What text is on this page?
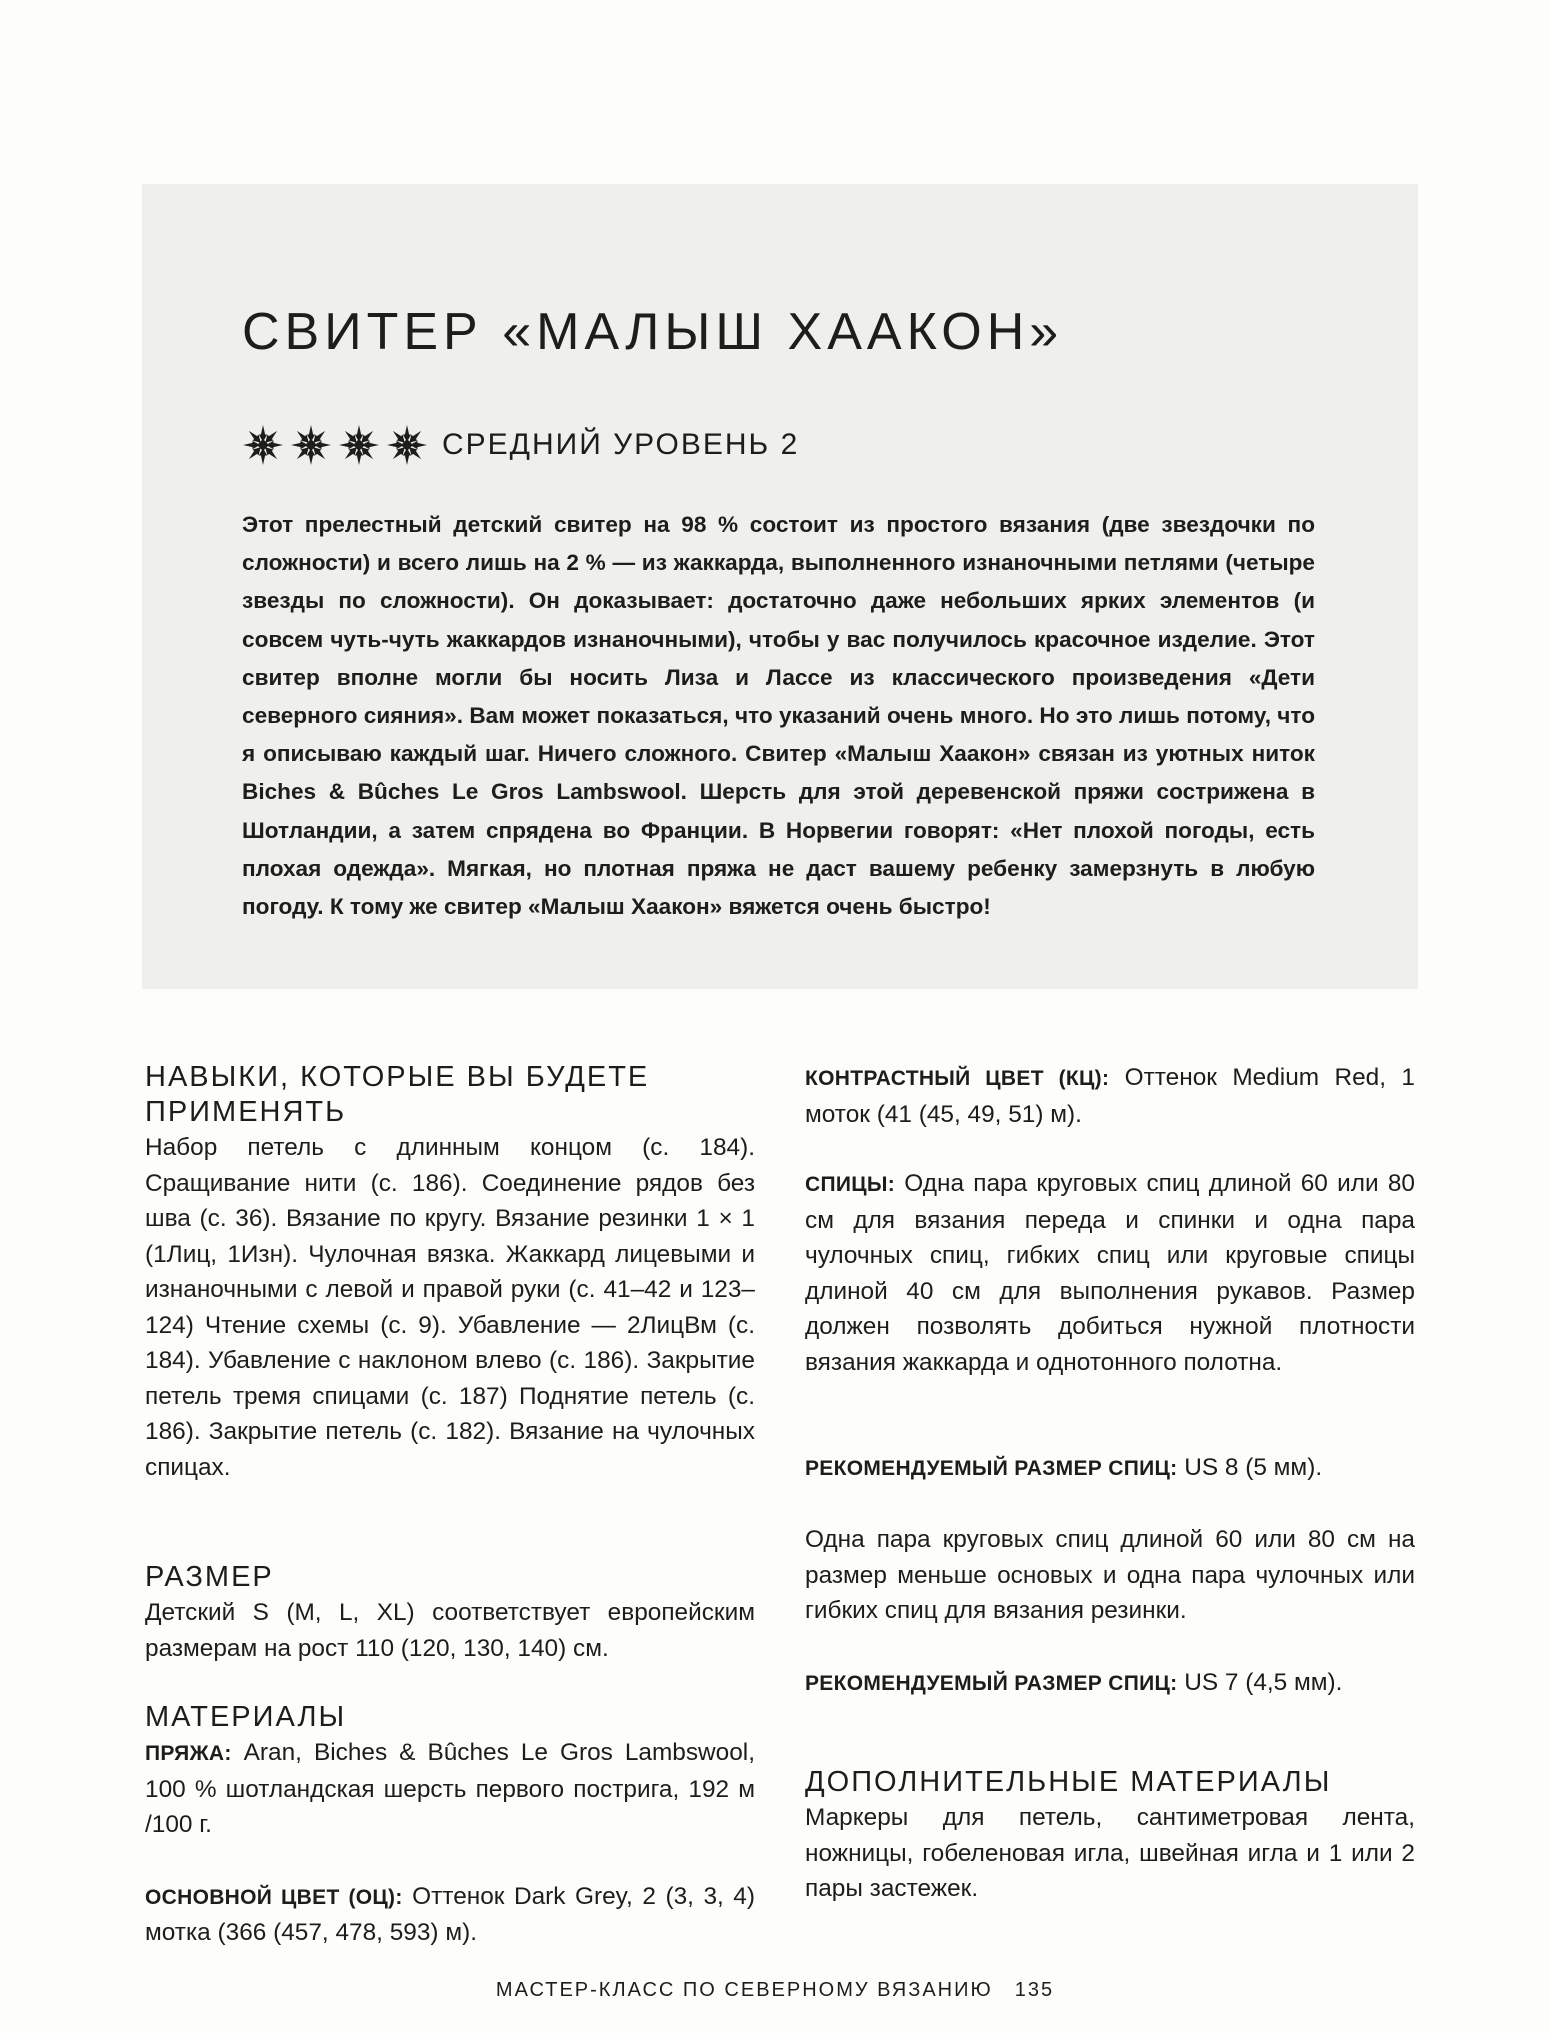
СВИТЕР «МАЛЫШ ХААКОН»
СРЕДНИЙ УРОВЕНЬ 2

Этот прелестный детский свитер на 98 % состоит из простого вязания (две звездочки по сложности) и всего лишь на 2 % — из жаккарда, выполненного изнаночными петлями (четыре звезды по сложности). Он доказывает: достаточно даже небольших ярких элементов (и совсем чуть-чуть жаккардов изнаночными), чтобы у вас получилось красочное изделие. Этот свитер вполне могли бы носить Лиза и Лассе из классического произведения «Дети северного сияния». Вам может показаться, что указаний очень много. Но это лишь потому, что я описываю каждый шаг. Ничего сложного. Свитер «Малыш Хаакон» связан из уютных ниток Biches & Bûches Le Gros Lambswool. Шерсть для этой деревенской пряжи сострижена в Шотландии, а затем спрядена во Франции. В Норвегии говорят: «Нет плохой погоды, есть плохая одежда». Мягкая, но плотная пряжа не даст вашему ребенку замерзнуть в любую погоду. К тому же свитер «Малыш Хаакон» вяжется очень быстро!

НАВЫКИ, КОТОРЫЕ ВЫ БУДЕТЕ
ПРИМЕНЯТЬ

Набор петель с длинным концом (с. 184). Сращивание нити (с. 186). Соединение рядов без шва (с. 36). Вязание по кругу. Вязание резинки 1 × 1 (1Лиц, 1Изн). Чулочная вязка. Жаккард лицевыми и изнаночными с левой и правой руки (с. 41–42 и 123–124) Чтение схемы (с. 9). Убавление — 2ЛицВм (с. 184). Убавление с наклоном влево (с. 186). Закрытие петель тремя спицами (с. 187) Поднятие петель (с. 186). Закрытие петель (с. 182). Вязание на чулочных спицах.

РАЗМЕР

Детский S (M, L, XL) соответствует европейским размерам на рост 110 (120, 130, 140) см.

МАТЕРИАЛЫ

ПРЯЖА: Aran, Biches & Bûches Le Gros Lambswool, 100 % шотландская шерсть первого пострига, 192 м /100 г.

ОСНОВНОЙ ЦВЕТ (ОЦ): Оттенок Dark Grey, 2 (3, 3, 4) мотка (366 (457, 478, 593) м).

КОНТРАСТНЫЙ ЦВЕТ (КЦ): Оттенок Medium Red, 1 моток (41 (45, 49, 51) м).

СПИЦЫ: Одна пара круговых спиц длиной 60 или 80 см для вязания переда и спинки и одна пара чулочных спиц, гибких спиц или круговые спицы длиной 40 см для выполнения рукавов. Размер должен позволять добиться нужной плотности вязания жаккарда и однотонного полотна.

РЕКОМЕНДУЕМЫЙ РАЗМЕР СПИЦ: US 8 (5 мм).

Одна пара круговых спиц длиной 60 или 80 см на размер меньше основых и одна пара чулочных или гибких спиц для вязания резинки.

РЕКОМЕНДУЕМЫЙ РАЗМЕР СПИЦ: US 7 (4,5 мм).

ДОПОЛНИТЕЛЬНЫЕ МАТЕРИАЛЫ

Маркеры для петель, сантиметровая лента, ножницы, гобеленовая игла, швейная игла и 1 или 2 пары застежек.

МАСТЕР-КЛАСС ПО СЕВЕРНОМУ ВЯЗАНИЮ 135
